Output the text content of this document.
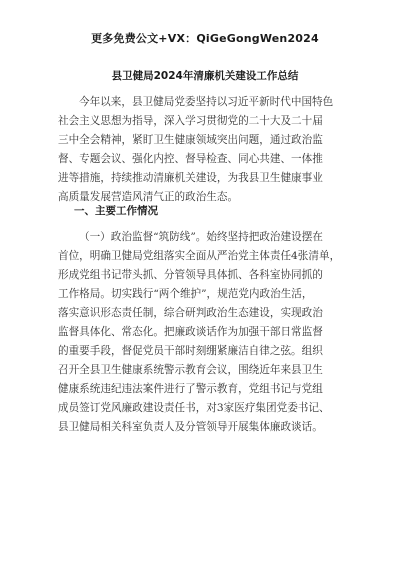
更多免费公文+VX：QiGeGongWen2024
县卫健局2024年清廉机关建设工作总结
今年以来，县卫健局党委坚持以习近平新时代中国特色
社会主义思想为指导，深入学习贯彻党的二十大及二十届
三中全会精神，紧盯卫生健康领域突出问题，通过政治监
督、专题会议、强化内控、督导检查、同心共建、一体推
进等措施，持续推动清廉机关建设，为我县卫生健康事业
高质量发展营造风清气正的政治生态。
一、主要工作情况
（一）政治监督“筑防线”。始终坚持把政治建设摆在
首位，明确卫健局党组落实全面从严治党主体责任4张清单，
形成党组书记带头抓、分管领导具体抓、各科室协同抓的
工作格局。切实践行“两个维护”，规范党内政治生活，
落实意识形态责任制，综合研判政治生态建设，实现政治
监督具体化、常态化。把廉政谈话作为加强干部日常监督
的重要手段，督促党员干部时刻绷紧廉洁自律之弦。组织
召开全县卫生健康系统警示教育会议，围绕近年来县卫生
健康系统违纪违法案件进行了警示教育，党组书记与党组
成员签订党风廉政建设责任书，对3家医疗集团党委书记、
县卫健局相关科室负责人及分管领导开展集体廉政谈话。
